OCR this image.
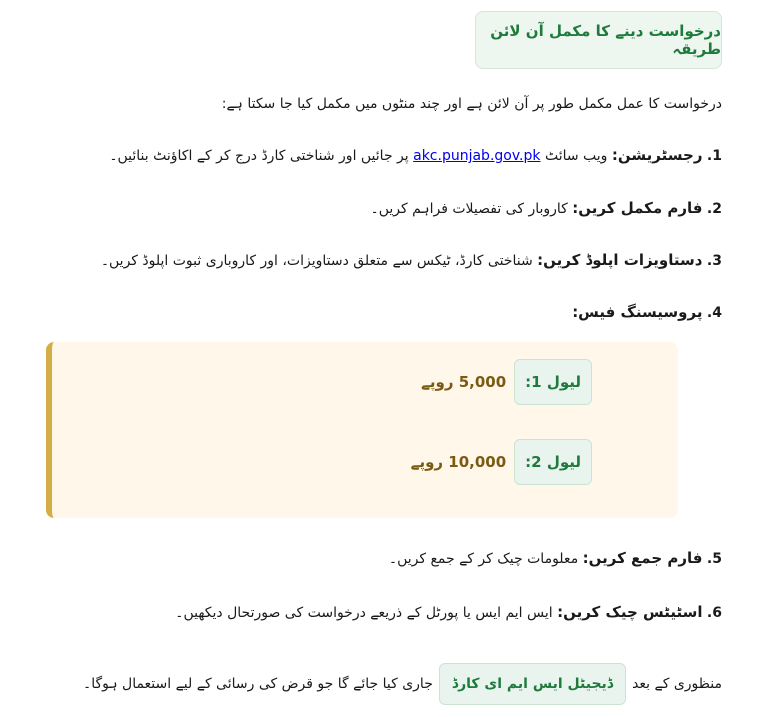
درخواست دینے کا مکمل آن لائن طریقہ
درخواست کا عمل مکمل طور پر آن لائن ہے اور چند منٹوں میں مکمل کیا جا سکتا ہے:
1. رجسٹریشن: ویب سائٹ akc.punjab.gov.pk پر جائیں اور شناختی کارڈ درج کر کے اکاؤنٹ بنائیں۔
2. فارم مکمل کریں: کاروبار کی تفصیلات فراہم کریں۔
3. دستاویزات اپلوڈ کریں: شناختی کارڈ، ٹیکس سے متعلق دستاویزات، اور کاروباری ثبوت اپلوڈ کریں۔
4. پروسیسنگ فیس:
لیول 1:
5,000 روپے
لیول 2:
10,000 روپے
5. فارم جمع کریں: معلومات چیک کر کے جمع کریں۔
6. اسٹیٹس چیک کریں: ایس ایم ایس یا پورٹل کے ذریعے درخواست کی صورتحال دیکھیں۔
منظوری کے بعد
ڈیجیٹل ایس ایم ای کارڈ
جاری کیا جائے گا جو قرض کی رسائی کے لیے استعمال ہوگا۔
